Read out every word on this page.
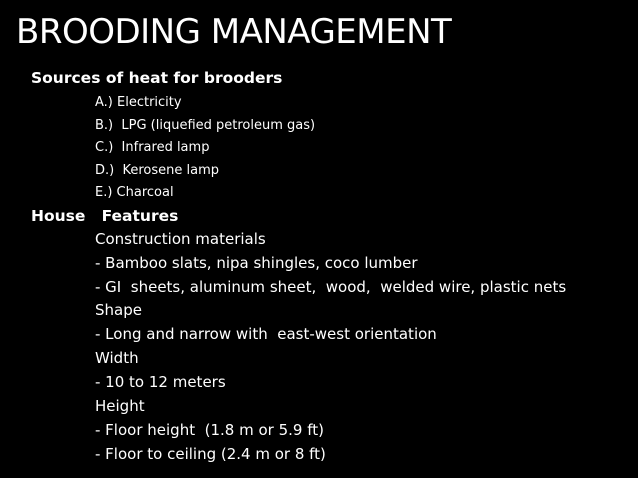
BROODING MANAGEMENT
Sources of heat for brooders
A.) Electricity
B.)  LPG (liquefied petroleum gas)
C.)  Infrared lamp
D.)  Kerosene lamp
E.) Charcoal
House   Features
Construction materials
- Bamboo slats, nipa shingles, coco lumber
- GI  sheets, aluminum sheet,  wood,  welded wire, plastic nets
Shape
- Long and narrow with  east-west orientation
Width
- 10 to 12 meters
Height
- Floor height  (1.8 m or 5.9 ft)
- Floor to ceiling (2.4 m or 8 ft)
